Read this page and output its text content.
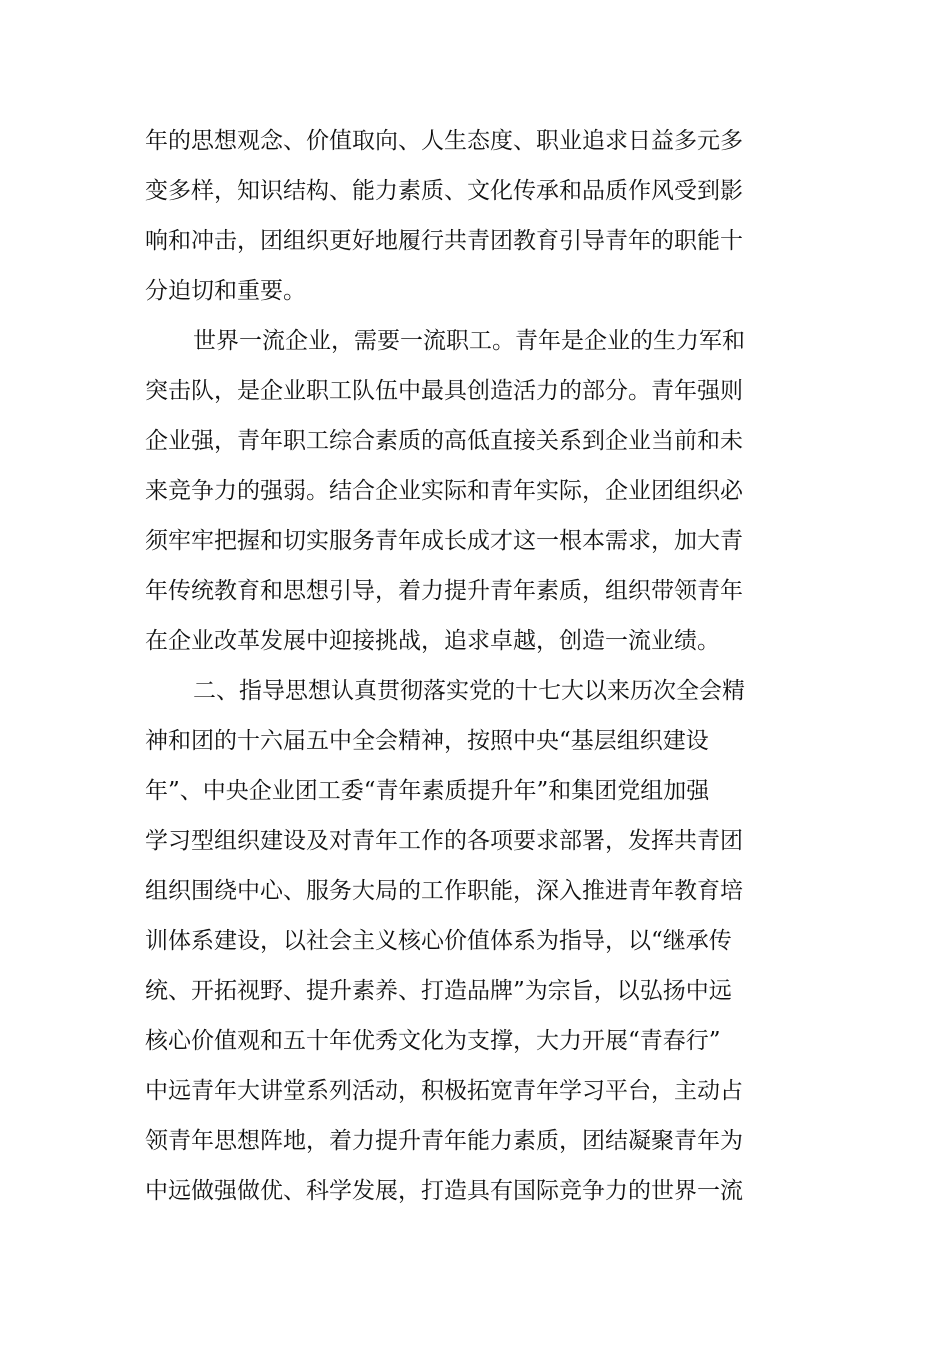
年的思想观念、价值取向、人生态度、职业追求日益多元多
变多样，知识结构、能力素质、文化传承和品质作风受到影
响和冲击，团组织更好地履行共青团教育引导青年的职能十
分迫切和重要。
世界一流企业，需要一流职工。青年是企业的生力军和
突击队，是企业职工队伍中最具创造活力的部分。青年强则
企业强，青年职工综合素质的高低直接关系到企业当前和未
来竞争力的强弱。结合企业实际和青年实际，企业团组织必
须牢牢把握和切实服务青年成长成才这一根本需求，加大青
年传统教育和思想引导，着力提升青年素质，组织带领青年
在企业改革发展中迎接挑战，追求卓越，创造一流业绩。
二、指导思想认真贯彻落实党的十七大以来历次全会精
神和团的十六届五中全会精神，按照中央“基层组织建设
年”、中央企业团工委“青年素质提升年”和集团党组加强
学习型组织建设及对青年工作的各项要求部署，发挥共青团
组织围绕中心、服务大局的工作职能，深入推进青年教育培
训体系建设，以社会主义核心价值体系为指导，以“继承传
统、开拓视野、提升素养、打造品牌”为宗旨，以弘扬中远
核心价值观和五十年优秀文化为支撑，大力开展“青春行”
中远青年大讲堂系列活动，积极拓宽青年学习平台，主动占
领青年思想阵地，着力提升青年能力素质，团结凝聚青年为
中远做强做优、科学发展，打造具有国际竞争力的世界一流
